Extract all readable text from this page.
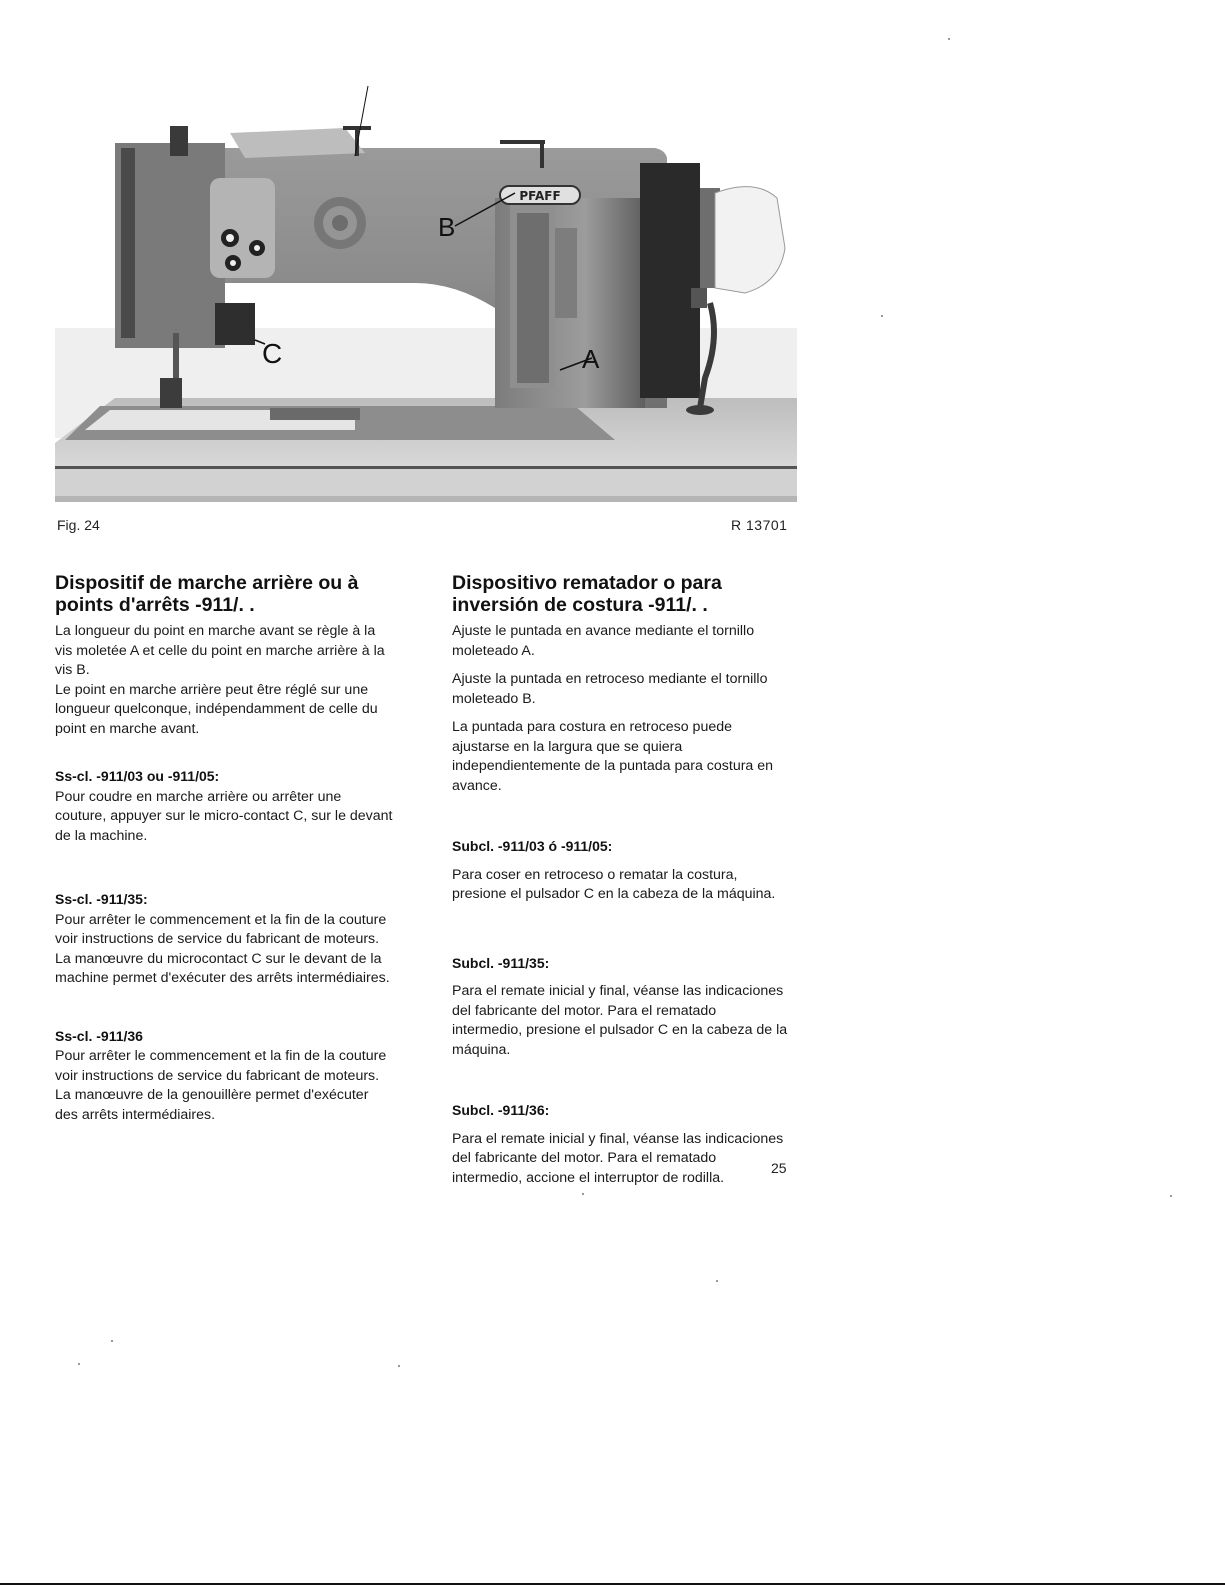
PFAFF
B
C	A
Fig. 24	R 13701
Dispositif de marche arrière ou à points d'arrêts -911/. .

La longueur du point en marche avant se règle à la vis moletée A et celle du point en marche arrière à la vis B.

Le point en marche arrière peut être réglé sur une longueur quelconque, indépendamment de celle du point en marche avant.

Ss-cl. -911/03 ou -911/05:

Pour coudre en marche arrière ou arrêter une couture, appuyer sur le micro-contact C, sur le devant de la machine.

Ss-cl. -911/35:

Pour arrêter le commencement et la fin de la couture voir instructions de service du fabricant de moteurs.

La manœuvre du microcontact C sur le devant de la machine permet d'exécuter des arrêts intermédiaires.

Ss-cl. -911/36

Pour arrêter le commencement et la fin de la couture voir instructions de service du fabricant de moteurs.

La manœuvre de la genouillère permet d'exécuter des arrêts intermédiaires.

Dispositivo rematador o para inversión de costura -911/. .

Ajuste le puntada en avance mediante el tornillo moleteado A.

Ajuste la puntada en retroceso mediante el tornillo moleteado B.

La puntada para costura en retroceso puede ajustarse en la largura que se quiera independientemente de la puntada para costura en avance.

Subcl. -911/03 ó -911/05:

Para coser en retroceso o rematar la costura, presione el pulsador C en la cabeza de la máquina.

Subcl. -911/35:

Para el remate inicial y final, véanse las indicaciones del fabricante del motor. Para el rematado intermedio, presione el pulsador C en la cabeza de la máquina.

Subcl. -911/36:

Para el remate inicial y final, véanse las indicaciones del fabricante del motor. Para el rematado intermedio, accione el interruptor de rodilla.

25
